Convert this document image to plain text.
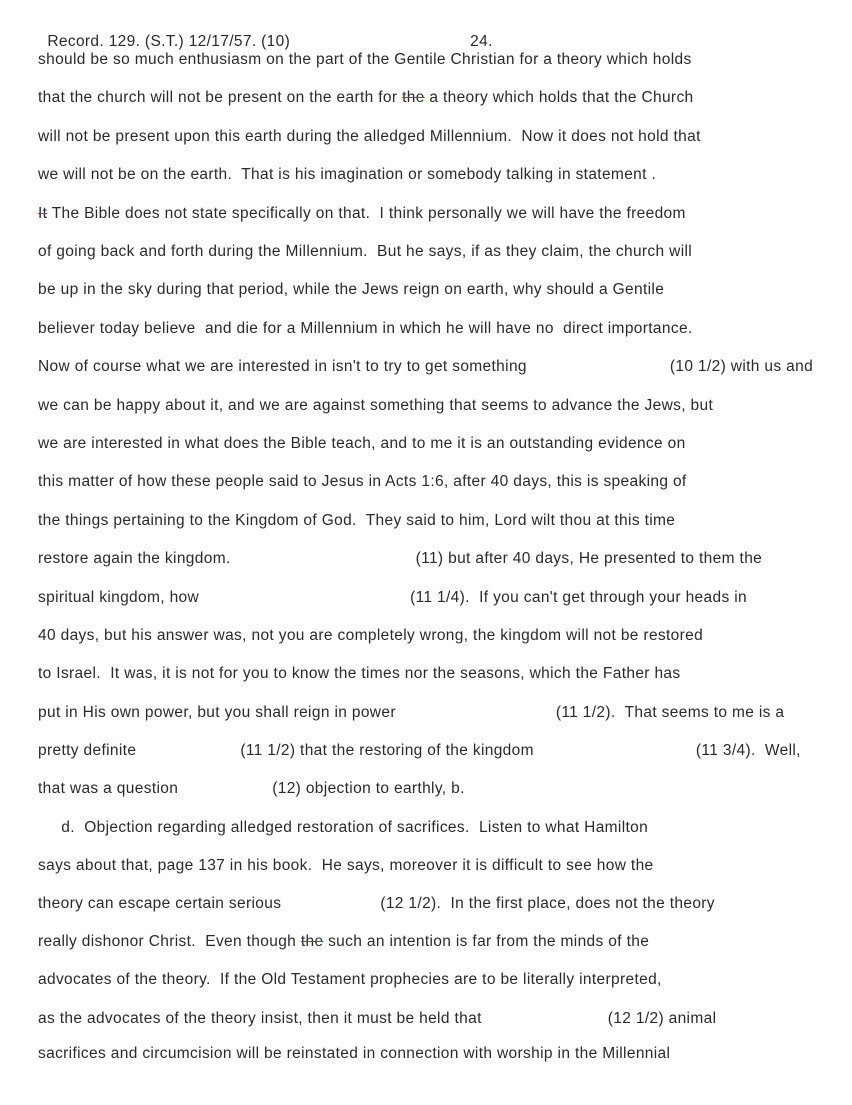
Record. 129. (S.T.) 12/17/57. (10)	24.

should be so much enthusiasm on the part of the Gentile Christian for a theory which holds
that the church will not be present on the earth for the a theory which holds that the Church
will not be present upon this earth during the alledged Millennium.  Now it does not hold that
we will not be on the earth.  That is his imagination or somebody talking in statement .
It The Bible does not state specifically on that.  I think personally we will have the freedom
of going back and forth during the Millennium.  But he says, if as they claim, the church will
be up in the sky during that period, while the Jews reign on earth, why should a Gentile
believer today believe  and die for a Millennium in which he will have no  direct importance.
Now of course what we are interested in isn't to try to get something	(10 1/2) with us and
we can be happy about it, and we are against something that seems to advance the Jews, but
we are interested in what does the Bible teach, and to me it is an outstanding evidence on
this matter of how these people said to Jesus in Acts 1:6, after 40 days, this is speaking of
the things pertaining to the Kingdom of God.  They said to him, Lord wilt thou at this time
restore again the kingdom.	(11) but after 40 days, He presented to them the
spiritual kingdom, how	(11 1/4).  If you can't get through your heads in
40 days, but his answer was, not you are completely wrong, the kingdom will not be restored
to Israel.  It was, it is not for you to know the times nor the seasons, which the Father has
put in His own power, but you shall reign in power	(11 1/2).  That seems to me is a
pretty definite	(11 1/2) that the restoring of the kingdom	(11 3/4).  Well,
that was a question	(12) objection to earthly, b.
d.  Objection regarding alledged restoration of sacrifices.  Listen to what Hamilton
says about that, page 137 in his book.  He says, moreover it is difficult to see how the
theory can escape certain serious	(12 1/2).  In the first place, does not the theory
really dishonor Christ.  Even though the such an intention is far from the minds of the
advocates of the theory.  If the Old Testament prophecies are to be literally interpreted,
as the advocates of the theory insist, then it must be held that	(12 1/2) animal
sacrifices and circumcision will be reinstated in connection with worship in the Millennial
